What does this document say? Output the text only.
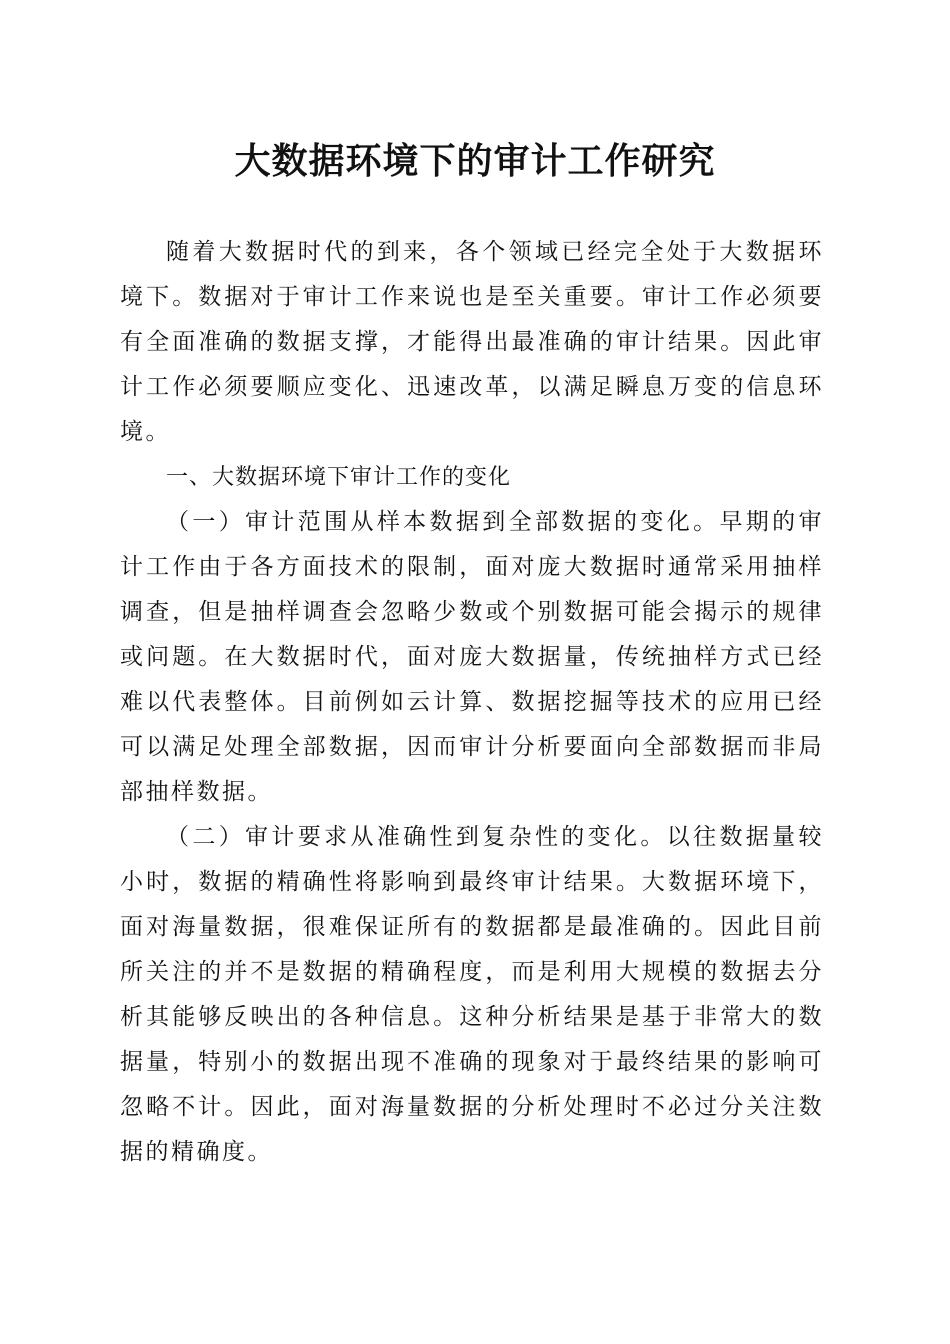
大数据环境下的审计工作研究

随着大数据时代的到来，各个领域已经完全处于大数据环境下。数据对于审计工作来说也是至关重要。审计工作必须要有全面准确的数据支撑，才能得出最准确的审计结果。因此审计工作必须要顺应变化、迅速改革，以满足瞬息万变的信息环境。

一、大数据环境下审计工作的变化

（一）审计范围从样本数据到全部数据的变化。早期的审计工作由于各方面技术的限制，面对庞大数据时通常采用抽样调查，但是抽样调查会忽略少数或个别数据可能会揭示的规律或问题。在大数据时代，面对庞大数据量，传统抽样方式已经难以代表整体。目前例如云计算、数据挖掘等技术的应用已经可以满足处理全部数据，因而审计分析要面向全部数据而非局部抽样数据。

（二）审计要求从准确性到复杂性的变化。以往数据量较小时，数据的精确性将影响到最终审计结果。大数据环境下，面对海量数据，很难保证所有的数据都是最准确的。因此目前所关注的并不是数据的精确程度，而是利用大规模的数据去分析其能够反映出的各种信息。这种分析结果是基于非常大的数据量，特别小的数据出现不准确的现象对于最终结果的影响可忽略不计。因此，面对海量数据的分析处理时不必过分关注数据的精确度。
